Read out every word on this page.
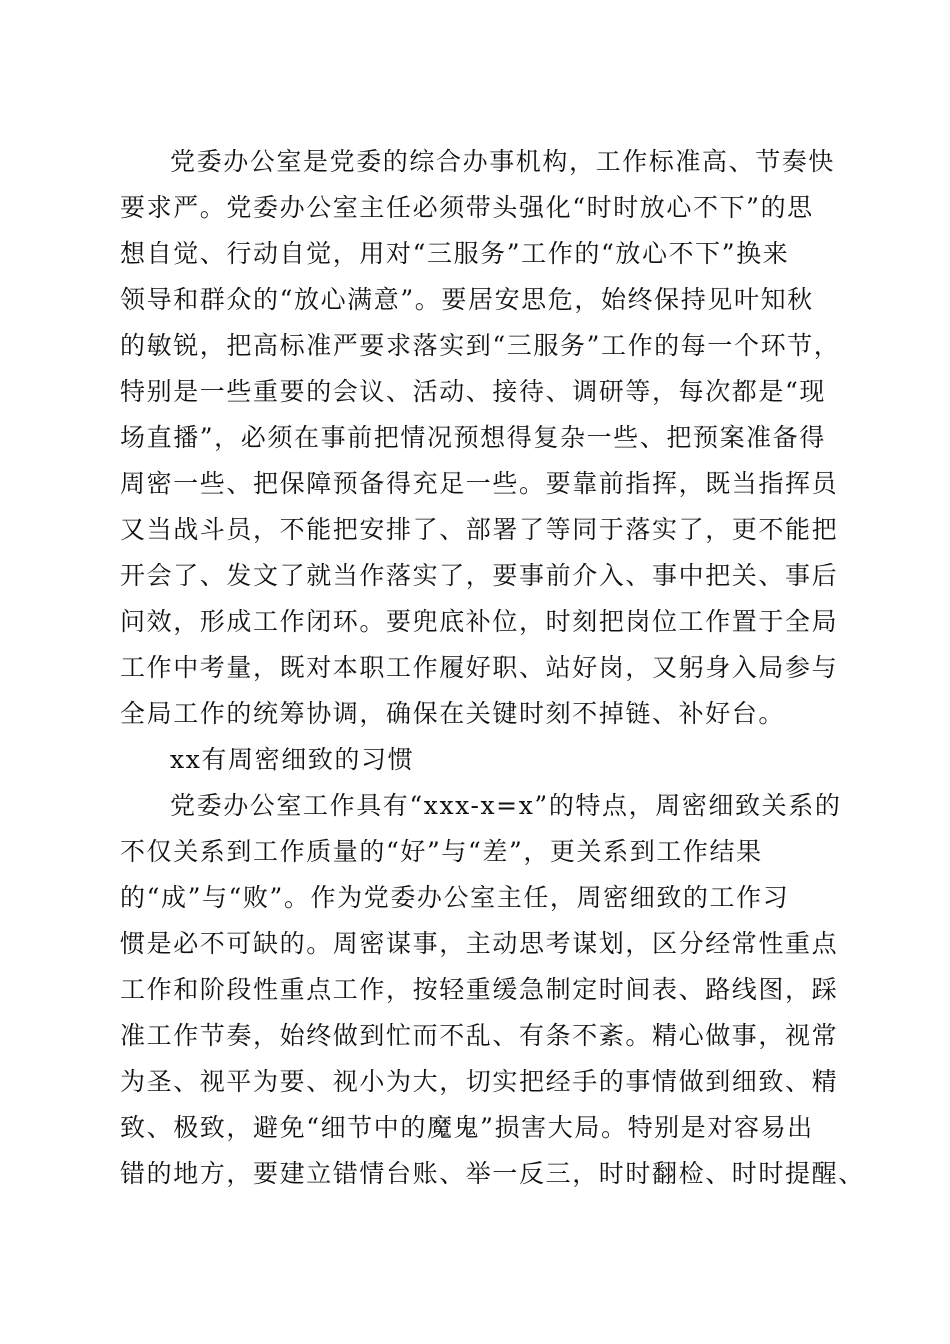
党委办公室是党委的综合办事机构，工作标准高、节奏快
要求严。党委办公室主任必须带头强化“时时放心不下”的思
想自觉、行动自觉，用对“三服务”工作的“放心不下”换来
领导和群众的“放心满意”。要居安思危，始终保持见叶知秋
的敏锐，把高标准严要求落实到“三服务”工作的每一个环节，
特别是一些重要的会议、活动、接待、调研等，每次都是“现
场直播”，必须在事前把情况预想得复杂一些、把预案准备得
周密一些、把保障预备得充足一些。要靠前指挥，既当指挥员
又当战斗员，不能把安排了、部署了等同于落实了，更不能把
开会了、发文了就当作落实了，要事前介入、事中把关、事后
问效，形成工作闭环。要兜底补位，时刻把岗位工作置于全局
工作中考量，既对本职工作履好职、站好岗，又躬身入局参与
全局工作的统筹协调，确保在关键时刻不掉链、补好台。
xx有周密细致的习惯
党委办公室工作具有“xxx-x=x”的特点，周密细致关系的
不仅关系到工作质量的“好”与“差”，更关系到工作结果
的“成”与“败”。作为党委办公室主任，周密细致的工作习
惯是必不可缺的。周密谋事，主动思考谋划，区分经常性重点
工作和阶段性重点工作，按轻重缓急制定时间表、路线图，踩
准工作节奏，始终做到忙而不乱、有条不紊。精心做事，视常
为圣、视平为要、视小为大，切实把经手的事情做到细致、精
致、极致，避免“细节中的魔鬼”损害大局。特别是对容易出
错的地方，要建立错情台账、举一反三，时时翻检、时时提醒、
